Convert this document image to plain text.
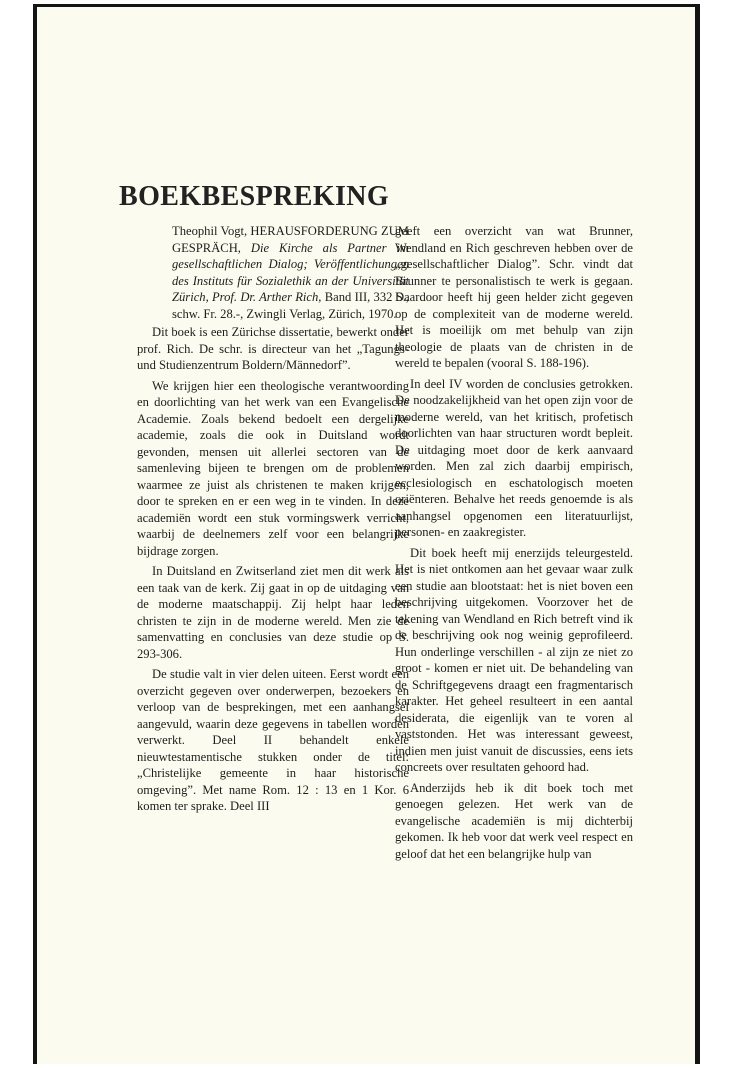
BOEKBESPREKING
Theophil Vogt, HERAUSFORDERUNG ZUM GESPRÄCH, Die Kirche als Partner im gesellschaftlichen Dialog; Veröffentlichungen des Instituts für Sozialethik an der Universität Zürich, Prof. Dr. Arther Rich, Band III, 332 S., schw. Fr. 28.-, Zwingli Verlag, Zürich, 1970.

Dit boek is een Zürichse dissertatie, bewerkt onder prof. Rich. De schr. is directeur van het „Tagungs- und Studienzentrum Boldern/Männedorf”.

We krijgen hier een theologische verantwoording en doorlichting van het werk van een Evangelische Academie. Zoals bekend bedoelt een dergelijke academie, zoals die ook in Duitsland wordt gevonden, mensen uit allerlei sectoren van de samenleving bijeen te brengen om de problemen waarmee ze juist als christenen te maken krijgen, door te spreken en er een weg in te vinden. In deze academiën wordt een stuk vormingswerk verricht, waarbij de deelnemers zelf voor een belangrijke bijdrage zorgen.

In Duitsland en Zwitserland ziet men dit werk als een taak van de kerk. Zij gaat in op de uitdaging van de moderne maatschappij. Zij helpt haar leden christen te zijn in de moderne wereld. Men zie de samenvatting en conclusies van deze studie op S. 293-306.

De studie valt in vier delen uiteen. Eerst wordt een overzicht gegeven over onderwerpen, bezoekers en verloop van de besprekingen, met een aanhangsel aangevuld, waarin deze gegevens in tabellen worden verwerkt. Deel II behandelt enkele nieuwtestamentische stukken onder de titel: „Christelijke gemeente in haar historische omgeving”. Met name Rom. 12 : 13 en 1 Kor. 6 komen ter sprake. Deel III

geeft een overzicht van wat Brunner, Wendland en Rich geschreven hebben over de „gesellschaftlicher Dialog”. Schr. vindt dat Brunner te personalistisch te werk is gegaan. Daardoor heeft hij geen helder zicht gegeven op de complexiteit van de moderne wereld. Het is moeilijk om met behulp van zijn theologie de plaats van de christen in de wereld te bepalen (vooral S. 188-196).

In deel IV worden de conclusies getrokken. De noodzakelijkheid van het open zijn voor de moderne wereld, van het kritisch, profetisch doorlichten van haar structuren wordt bepleit. De uitdaging moet door de kerk aanvaard worden. Men zal zich daarbij empirisch, ecclesiologisch en eschatologisch moeten oriënteren. Behalve het reeds genoemde is als aanhangsel opgenomen een literatuurlijst, personen- en zaakregister.

Dit boek heeft mij enerzijds teleurgesteld. Het is niet ontkomen aan het gevaar waar zulk een studie aan blootstaat: het is niet boven een beschrijving uitgekomen. Voorzover het de tekening van Wendland en Rich betreft vind ik de beschrijving ook nog weinig geprofileerd. Hun onderlinge verschillen - al zijn ze niet zo groot - komen er niet uit. De behandeling van de Schriftgegevens draagt een fragmentarisch karakter. Het geheel resulteert in een aantal desiderata, die eigenlijk van te voren al vaststonden. Het was interessant geweest, indien men juist vanuit de discussies, eens iets concreets over resultaten gehoord had.

Anderzijds heb ik dit boek toch met genoegen gelezen. Het werk van de evangelische academiën is mij dichterbij gekomen. Ik heb voor dat werk veel respect en geloof dat het een belangrijke hulp van
